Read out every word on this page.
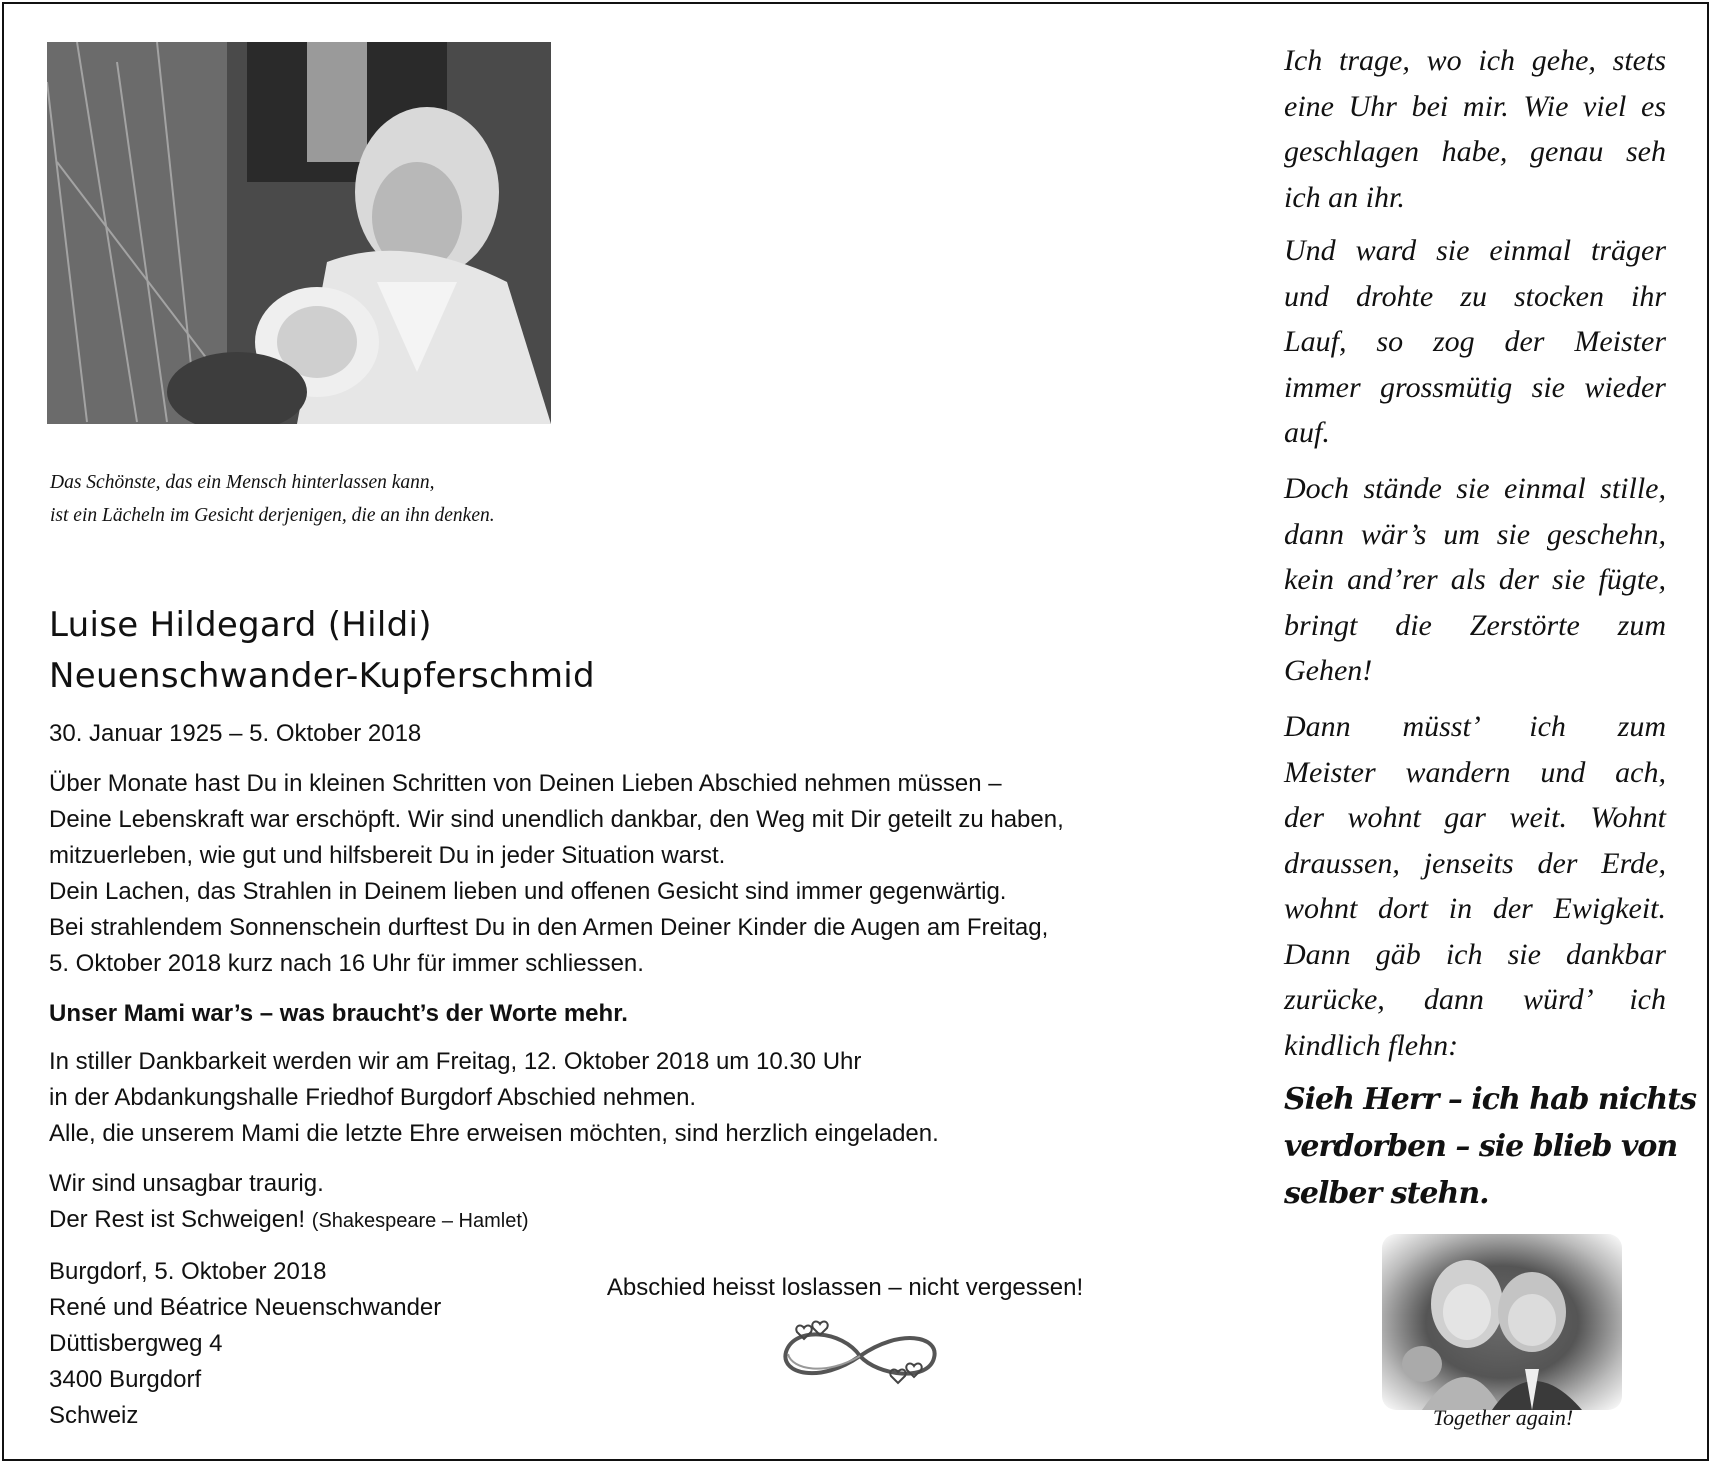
Das Schönste, das ein Mensch hinterlassen kann,
ist ein Lächeln im Gesicht derjenigen, die an ihn denken.
Luise Hildegard (Hildi)
Neuenschwander-Kupferschmid
30. Januar 1925 – 5. Oktober 2018
Über Monate hast Du in kleinen Schritten von Deinen Lieben Abschied nehmen müssen –
Deine Lebenskraft war erschöpft. Wir sind unendlich dankbar, den Weg mit Dir geteilt zu haben,
mitzuerleben, wie gut und hilfsbereit Du in jeder Situation warst.
Dein Lachen, das Strahlen in Deinem lieben und offenen Gesicht sind immer gegenwärtig.
Bei strahlendem Sonnenschein durftest Du in den Armen Deiner Kinder die Augen am Freitag,
5. Oktober 2018 kurz nach 16 Uhr für immer schliessen.
Unser Mami war’s – was braucht’s der Worte mehr.
In stiller Dankbarkeit werden wir am Freitag, 12. Oktober 2018 um 10.30 Uhr
in der Abdankungshalle Friedhof Burgdorf Abschied nehmen.
Alle, die unserem Mami die letzte Ehre erweisen möchten, sind herzlich eingeladen.
Wir sind unsagbar traurig.
Der Rest ist Schweigen! (Shakespeare – Hamlet)
Burgdorf, 5. Oktober 2018
René und Béatrice Neuenschwander
Düttisbergweg 4
3400 Burgdorf
Schweiz
Abschied heisst loslassen – nicht vergessen!
Ich trage, wo ich gehe, stets
eine Uhr bei mir. Wie viel es
geschlagen habe, genau seh
ich an ihr.
Und ward sie einmal träger
und drohte zu stocken ihr
Lauf, so zog der Meister
immer grossmütig sie wieder
auf.
Doch stände sie einmal stille,
dann wär’s um sie geschehn,
kein and’rer als der sie fügte,
bringt die Zerstörte zum
Gehen!
Dann müsst’ ich zum
Meister wandern und ach,
der wohnt gar weit. Wohnt
draussen, jenseits der Erde,
wohnt dort in der Ewigkeit.
Dann gäb ich sie dankbar
zurücke, dann würd’ ich
kindlich flehn:
Sieh Herr – ich hab nichts
verdorben – sie blieb von
selber stehn.
Together again!
